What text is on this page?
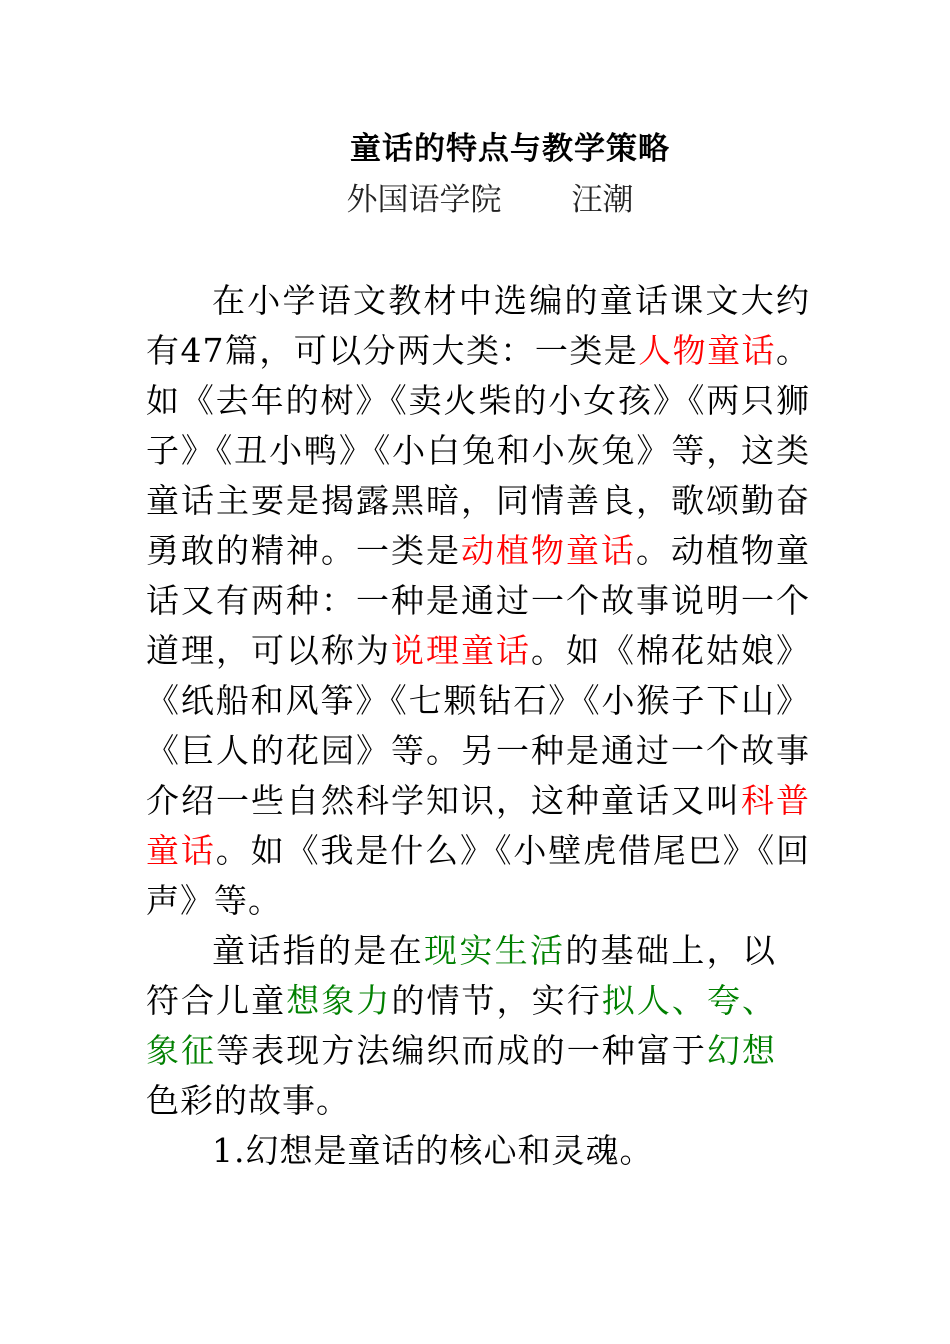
童话的特点与教学策略
外国语学院 汪潮

在小学语文教材中选编的童话课文大约有47篇，可以分两大类：一类是人物童话。如《去年的树》《卖火柴的小女孩》《两只狮子》《丑小鸭》《小白兔和小灰兔》等，这类童话主要是揭露黑暗，同情善良，歌颂勤奋勇敢的精神。一类是动植物童话。动植物童话又有两种：一种是通过一个故事说明一个道理，可以称为说理童话。如《棉花姑娘》《纸船和风筝》《七颗钻石》《小猴子下山》《巨人的花园》等。另一种是通过一个故事介绍一些自然科学知识，这种童话又叫科普童话。如《我是什么》《小壁虎借尾巴》《回声》等。

童话指的是在现实生活的基础上，以符合儿童想象力的情节，实行拟人、夸、象征等表现方法编织而成的一种富于幻想色彩的故事。

1.幻想是童话的核心和灵魂。
